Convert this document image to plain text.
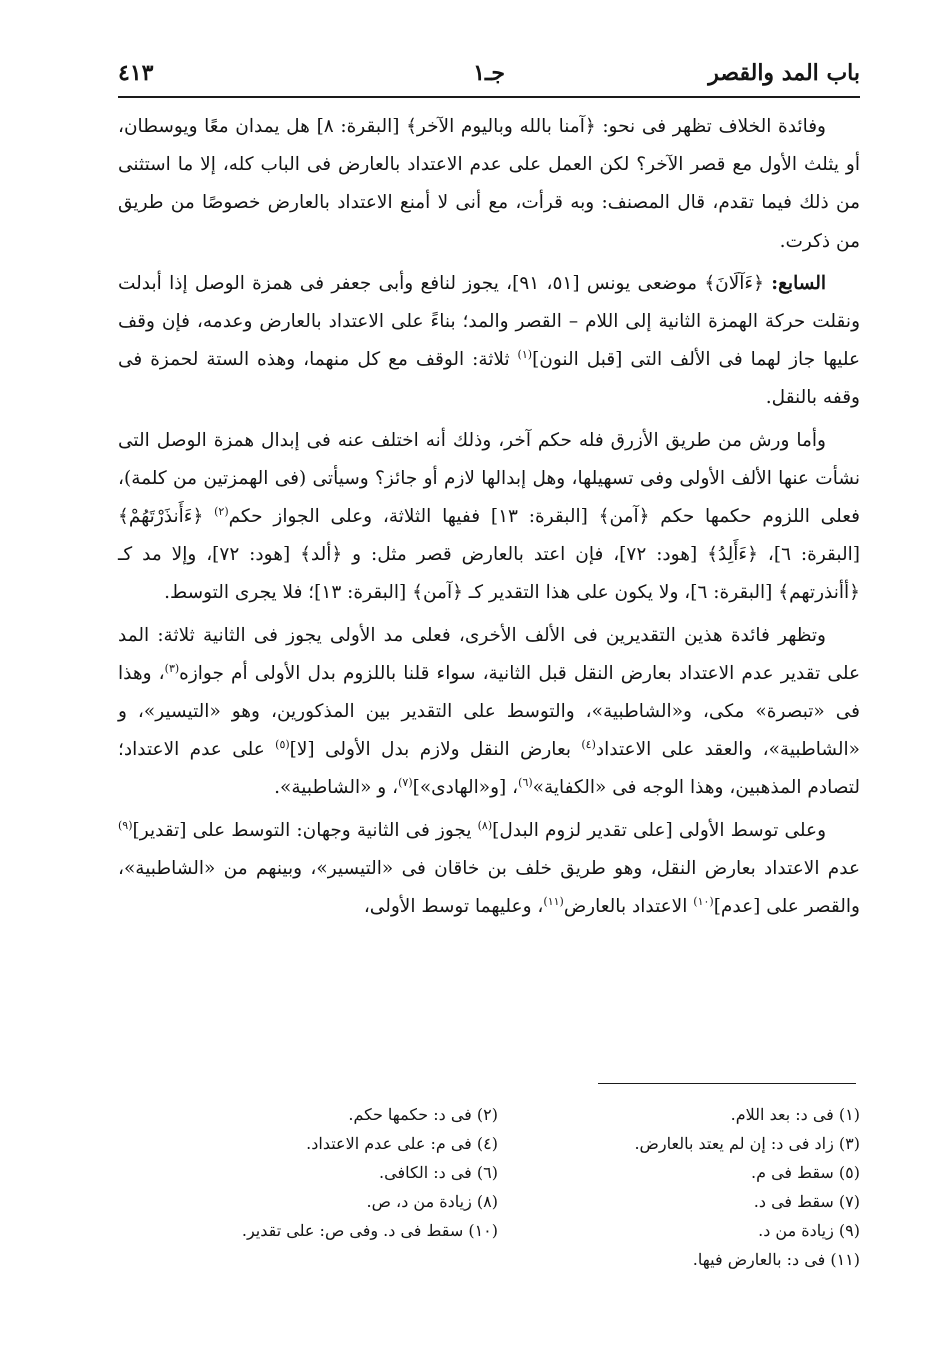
باب المد والقصر
جـ١
٤١٣

وفائدة الخلاف تظهر فى نحو: ﴿آمنا بالله وباليوم الآخر﴾ [البقرة: ٨] هل يمدان معًا ويوسطان، أو يثلث الأول مع قصر الآخر؟ لكن العمل على عدم الاعتداد بالعارض فى الباب كله، إلا ما استثنى من ذلك فيما تقدم، قال المصنف: وبه قرأت، مع أنى لا أمنع الاعتداد بالعارض خصوصًا من طريق من ذكرت.

السابع: ﴿ءَآلَانَ﴾ موضعى يونس [٥١، ٩١]، يجوز لنافع وأبى جعفر فى همزة الوصل إذا أبدلت ونقلت حركة الهمزة الثانية إلى اللام – القصر والمد؛ بناءً على الاعتداد بالعارض وعدمه، فإن وقف عليها جاز لهما فى الألف التى [قبل النون]$^{(١)}$ ثلاثة: الوقف مع كل منهما، وهذه الستة لحمزة فى وقفه بالنقل.

وأما ورش من طريق الأزرق فله حكم آخر، وذلك أنه اختلف عنه فى إبدال همزة الوصل التى نشأت عنها الألف الأولى وفى تسهيلها، وهل إبدالها لازم أو جائز؟ وسيأتى (فى الهمزتين من كلمة)، فعلى اللزوم حكمها حكم ﴿آمن﴾ [البقرة: ١٣] ففيها الثلاثة، وعلى الجواز حكم$^{(٢)}$ ﴿ءَأَنذَرْتَهُمْ﴾ [البقرة: ٦]، ﴿ءَأَلِدُ﴾ [هود: ٧٢]، فإن اعتد بالعارض قصر مثل: و ﴿ألد﴾ [هود: ٧٢]، وإلا مد كـ ﴿أأنذرتهم﴾ [البقرة: ٦]، ولا يكون على هذا التقدير كـ ﴿آمن﴾ [البقرة: ١٣]؛ فلا يجرى التوسط.

وتظهر فائدة هذين التقديرين فى الألف الأخرى، فعلى مد الأولى يجوز فى الثانية ثلاثة: المد على تقدير عدم الاعتداد بعارض النقل قبل الثانية، سواء قلنا باللزوم بدل الأولى أم جوازه$^{(٣)}$، وهذا فى «تبصرة» مكى، و«الشاطبية»، والتوسط على التقدير بين المذكورين، وهو «التيسير»، و «الشاطبية»، والعقد على الاعتداد$^{(٤)}$ بعارض النقل ولازم بدل الأولى [لا]$^{(٥)}$ على عدم الاعتداد؛ لتصادم المذهبين، وهذا الوجه فى «الكفاية»$^{(٦)}$، [و«الهادى»]$^{(٧)}$، و «الشاطبية».

وعلى توسط الأولى [على تقدير لزوم البدل]$^{(٨)}$ يجوز فى الثانية وجهان: التوسط على [تقدير]$^{(٩)}$ عدم الاعتداد بعارض النقل، وهو طريق خلف بن خاقان فى «التيسير»، وبينهم من «الشاطبية»، والقصر على [عدم]$^{(١٠)}$ الاعتداد بالعارض$^{(١١)}$، وعليهما توسط الأولى،

(١) فى د: بعد اللام.
(٣) زاد فى د: إن لم يعتد بالعارض.
(٥) سقط فى م.
(٧) سقط فى د.
(٩) زيادة من د.
(١١) فى د: بالعارض فيها.
(٢) فى د: حكمها حكم.
(٤) فى م: على عدم الاعتداد.
(٦) فى د: الكافى.
(٨) زيادة من د، ص.
(١٠) سقط فى د. وفى ص: على تقدير.
